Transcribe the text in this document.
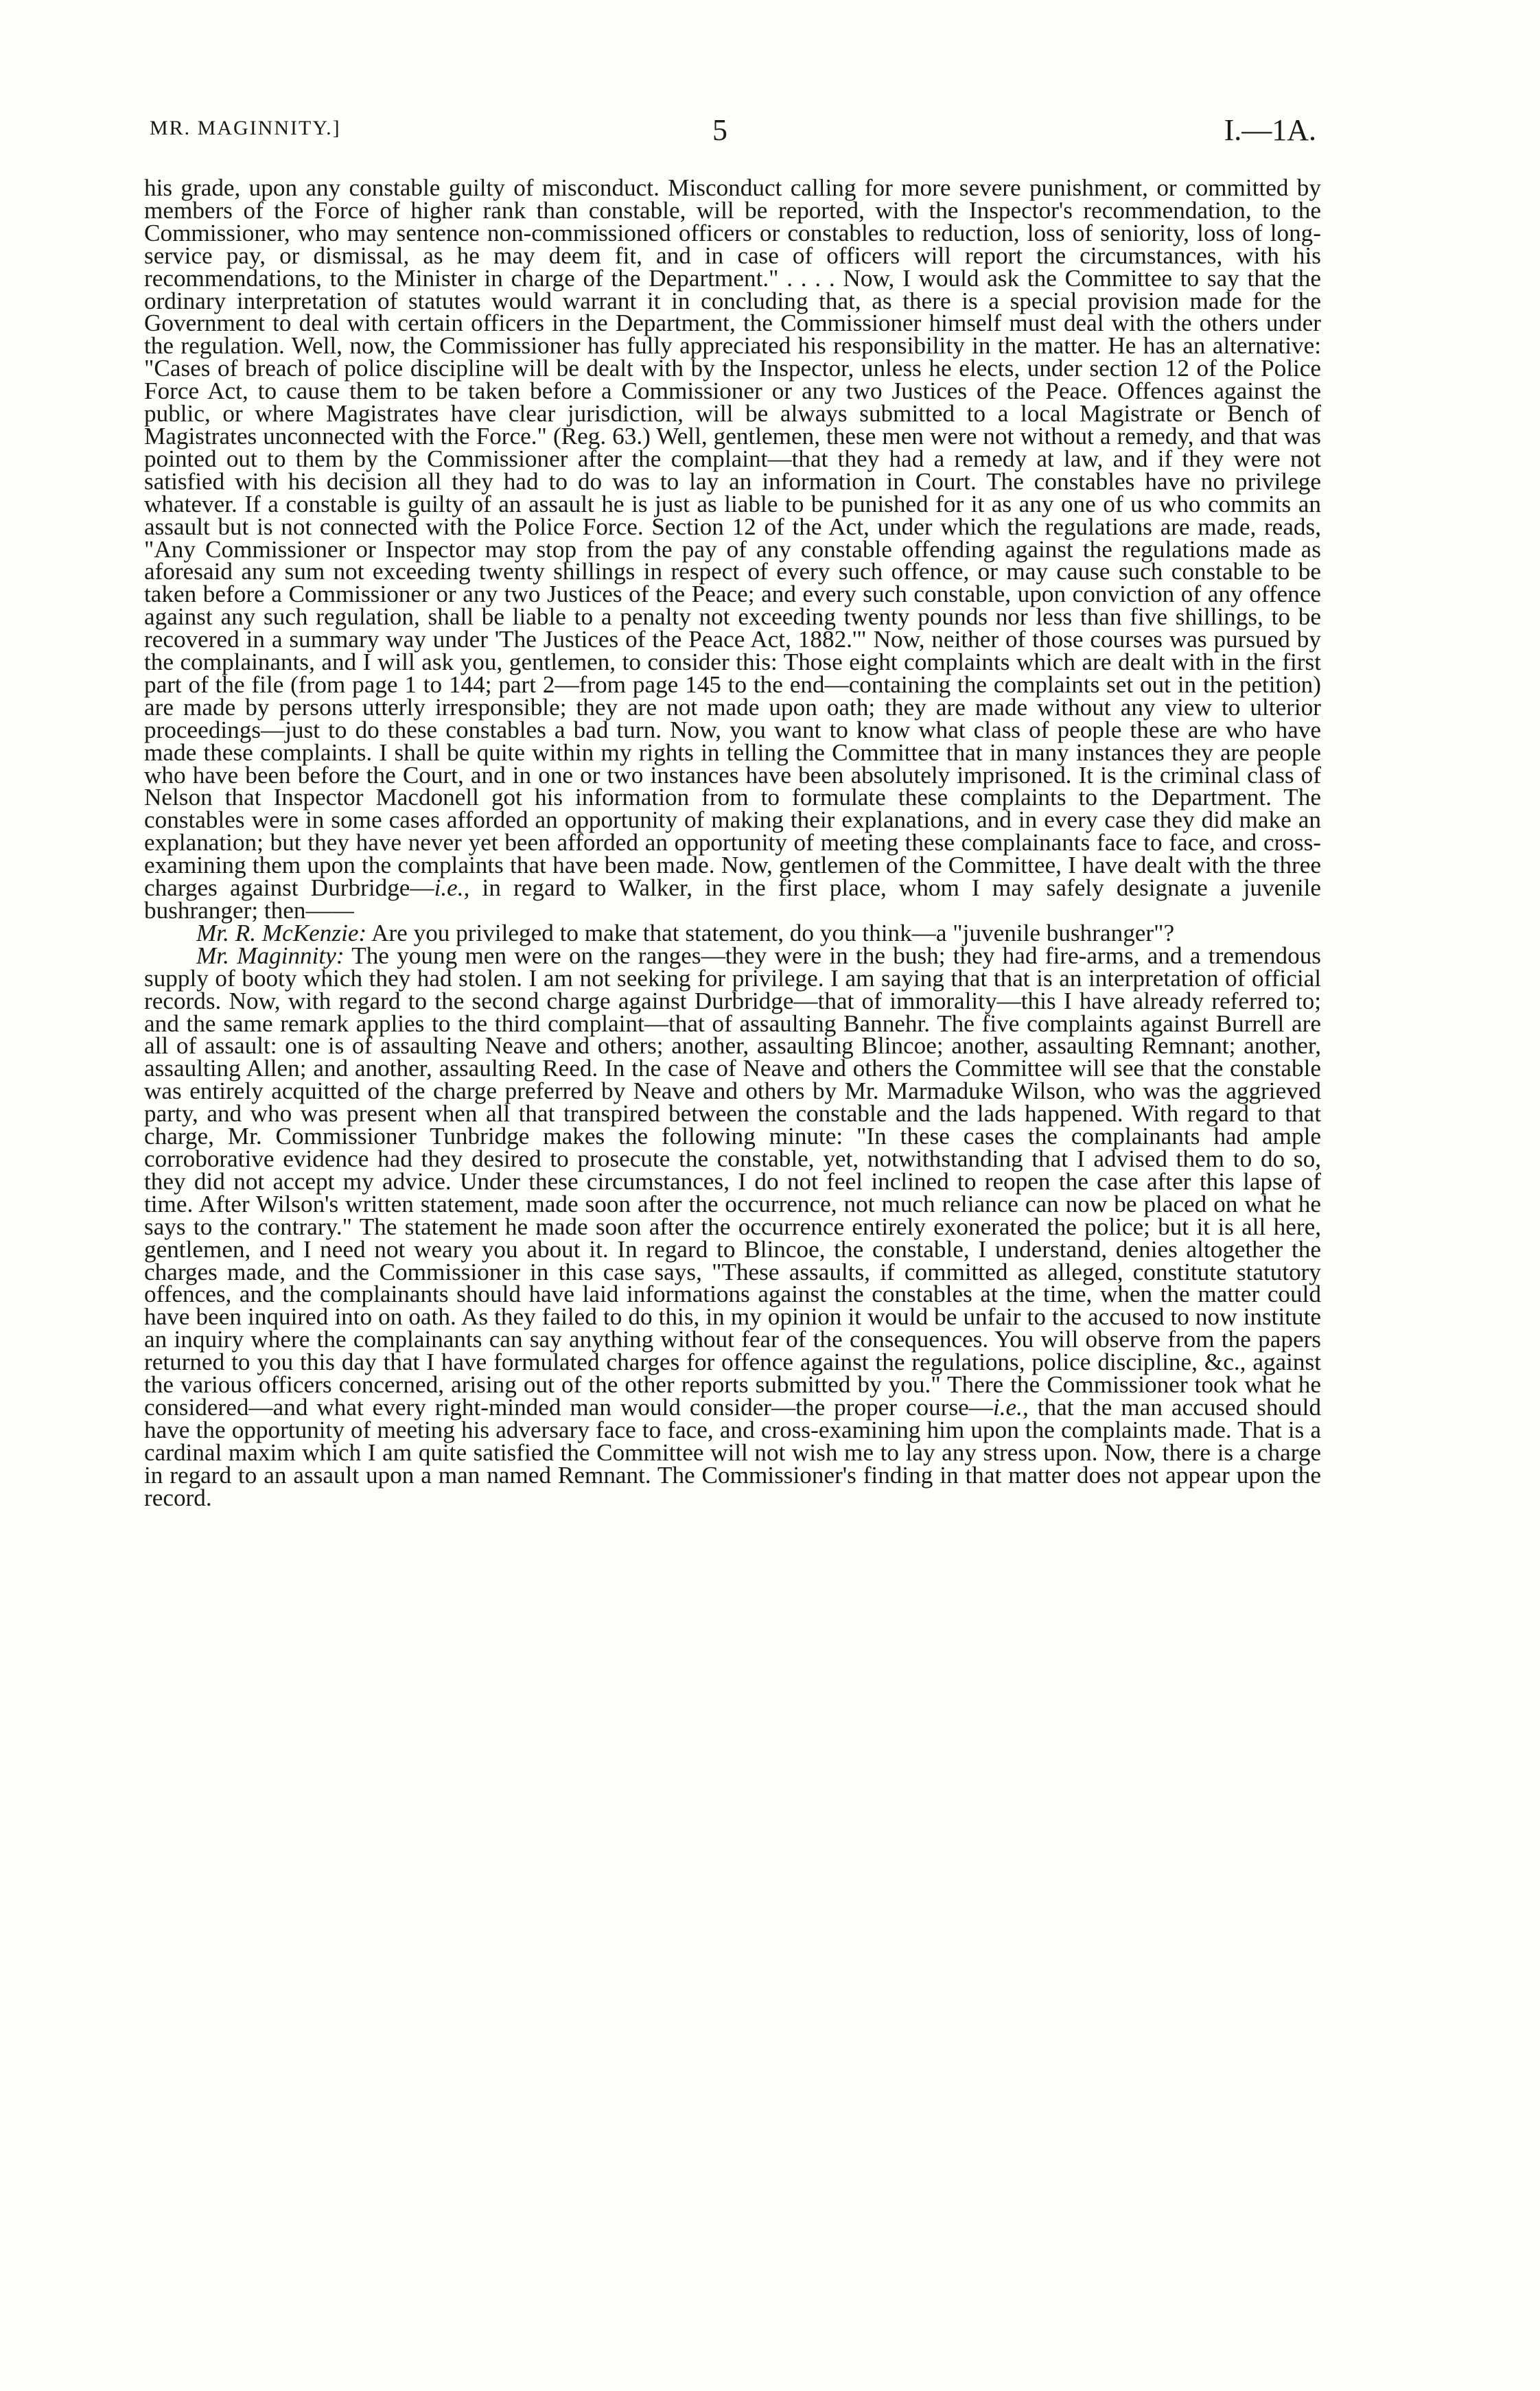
MR. MAGINNITY.]	5	I.—1A.

his grade, upon any constable guilty of misconduct. Misconduct calling for more severe punishment, or committed by members of the Force of higher rank than constable, will be reported, with the Inspector's recommendation, to the Commissioner, who may sentence non-commissioned officers or constables to reduction, loss of seniority, loss of long-service pay, or dismissal, as he may deem fit, and in case of officers will report the circumstances, with his recommendations, to the Minister in charge of the Department." . . . . Now, I would ask the Committee to say that the ordinary interpretation of statutes would warrant it in concluding that, as there is a special provision made for the Government to deal with certain officers in the Department, the Commissioner himself must deal with the others under the regulation. Well, now, the Commissioner has fully appreciated his responsibility in the matter. He has an alternative: "Cases of breach of police discipline will be dealt with by the Inspector, unless he elects, under section 12 of the Police Force Act, to cause them to be taken before a Commissioner or any two Justices of the Peace. Offences against the public, or where Magistrates have clear jurisdiction, will be always submitted to a local Magistrate or Bench of Magistrates unconnected with the Force." (Reg. 63.) Well, gentlemen, these men were not without a remedy, and that was pointed out to them by the Commissioner after the complaint—that they had a remedy at law, and if they were not satisfied with his decision all they had to do was to lay an information in Court. The constables have no privilege whatever. If a constable is guilty of an assault he is just as liable to be punished for it as any one of us who commits an assault but is not connected with the Police Force. Section 12 of the Act, under which the regulations are made, reads, "Any Commissioner or Inspector may stop from the pay of any constable offending against the regulations made as aforesaid any sum not exceeding twenty shillings in respect of every such offence, or may cause such constable to be taken before a Commissioner or any two Justices of the Peace; and every such constable, upon conviction of any offence against any such regulation, shall be liable to a penalty not exceeding twenty pounds nor less than five shillings, to be recovered in a summary way under 'The Justices of the Peace Act, 1882.'" Now, neither of those courses was pursued by the complainants, and I will ask you, gentlemen, to consider this: Those eight complaints which are dealt with in the first part of the file (from page 1 to 144; part 2—from page 145 to the end—containing the complaints set out in the petition) are made by persons utterly irresponsible; they are not made upon oath; they are made without any view to ulterior proceedings—just to do these constables a bad turn. Now, you want to know what class of people these are who have made these complaints. I shall be quite within my rights in telling the Committee that in many instances they are people who have been before the Court, and in one or two instances have been absolutely imprisoned. It is the criminal class of Nelson that Inspector Macdonell got his information from to formulate these complaints to the Department. The constables were in some cases afforded an opportunity of making their explanations, and in every case they did make an explanation; but they have never yet been afforded an opportunity of meeting these complainants face to face, and cross-examining them upon the complaints that have been made. Now, gentlemen of the Committee, I have dealt with the three charges against Durbridge—i.e., in regard to Walker, in the first place, whom I may safely designate a juvenile bushranger; then——

Mr. R. McKenzie: Are you privileged to make that statement, do you think—a "juvenile bushranger"?

Mr. Maginnity: The young men were on the ranges—they were in the bush; they had fire-arms, and a tremendous supply of booty which they had stolen. I am not seeking for privilege. I am saying that that is an interpretation of official records. Now, with regard to the second charge against Durbridge—that of immorality—this I have already referred to; and the same remark applies to the third complaint—that of assaulting Bannehr. The five complaints against Burrell are all of assault: one is of assaulting Neave and others; another, assaulting Blincoe; another, assaulting Remnant; another, assaulting Allen; and another, assaulting Reed. In the case of Neave and others the Committee will see that the constable was entirely acquitted of the charge preferred by Neave and others by Mr. Marmaduke Wilson, who was the aggrieved party, and who was present when all that transpired between the constable and the lads happened. With regard to that charge, Mr. Commissioner Tunbridge makes the following minute: "In these cases the complainants had ample corroborative evidence had they desired to prosecute the constable, yet, notwithstanding that I advised them to do so, they did not accept my advice. Under these circumstances, I do not feel inclined to reopen the case after this lapse of time. After Wilson's written statement, made soon after the occurrence, not much reliance can now be placed on what he says to the contrary." The statement he made soon after the occurrence entirely exonerated the police; but it is all here, gentlemen, and I need not weary you about it. In regard to Blincoe, the constable, I understand, denies altogether the charges made, and the Commissioner in this case says, "These assaults, if committed as alleged, constitute statutory offences, and the complainants should have laid informations against the constables at the time, when the matter could have been inquired into on oath. As they failed to do this, in my opinion it would be unfair to the accused to now institute an inquiry where the complainants can say anything without fear of the consequences. You will observe from the papers returned to you this day that I have formulated charges for offence against the regulations, police discipline, &c., against the various officers concerned, arising out of the other reports submitted by you." There the Commissioner took what he considered—and what every right-minded man would consider—the proper course—i.e., that the man accused should have the opportunity of meeting his adversary face to face, and cross-examining him upon the complaints made. That is a cardinal maxim which I am quite satisfied the Committee will not wish me to lay any stress upon. Now, there is a charge in regard to an assault upon a man named Remnant. The Commissioner's finding in that matter does not appear upon the record.
